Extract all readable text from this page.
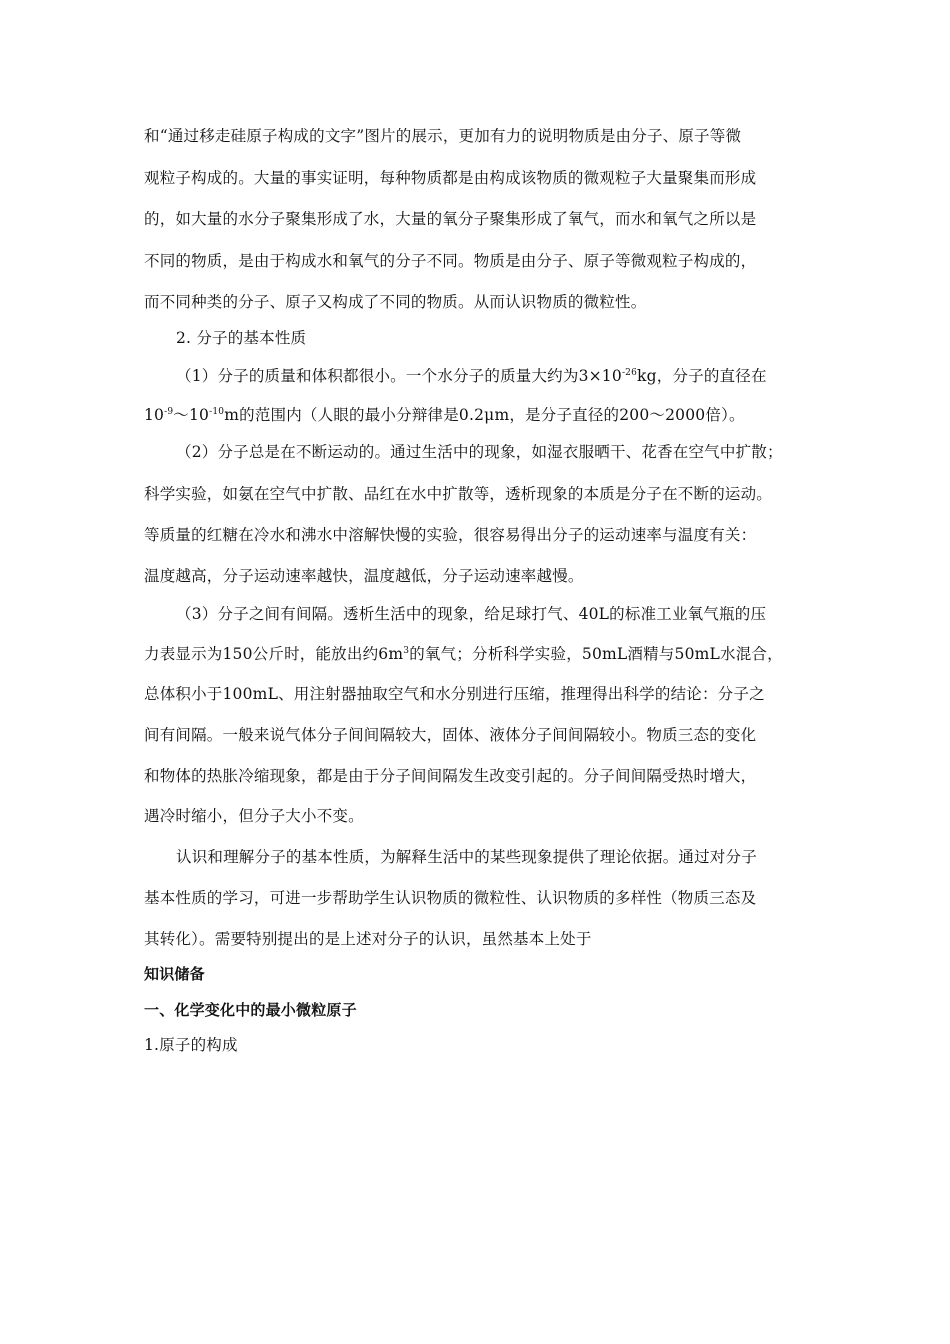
和“通过移走硅原子构成的文字”图片的展示，更加有力的说明物质是由分子、原子等微
观粒子构成的。大量的事实证明，每种物质都是由构成该物质的微观粒子大量聚集而形成
的，如大量的水分子聚集形成了水，大量的氧分子聚集形成了氧气，而水和氧气之所以是
不同的物质，是由于构成水和氧气的分子不同。物质是由分子、原子等微观粒子构成的，
而不同种类的分子、原子又构成了不同的物质。从而认识物质的微粒性。
2. 分子的基本性质
（1）分子的质量和体积都很小。一个水分子的质量大约为$3\times 10^{-26}kg$，分子的直径在
$10^{-9}\sim 10^{-10}m$的范围内（人眼的最小分辩律是0.2μm，是分子直径的200～2000倍）。
（2）分子总是在不断运动的。通过生活中的现象，如湿衣服晒干、花香在空气中扩散；
科学实验，如氨在空气中扩散、品红在水中扩散等，透析现象的本质是分子在不断的运动。
等质量的红糖在冷水和沸水中溶解快慢的实验，很容易得出分子的运动速率与温度有关：
温度越高，分子运动速率越快，温度越低，分子运动速率越慢。
（3）分子之间有间隔。透析生活中的现象，给足球打气、40L的标准工业氧气瓶的压
力表显示为150公斤时，能放出约$6m^3$的氧气；分析科学实验，50mL酒精与50mL水混合，
总体积小于100mL、用注射器抽取空气和水分别进行压缩，推理得出科学的结论：分子之
间有间隔。一般来说气体分子间间隔较大，固体、液体分子间间隔较小。物质三态的变化
和物体的热胀冷缩现象，都是由于分子间间隔发生改变引起的。分子间间隔受热时增大，
遇冷时缩小，但分子大小不变。
认识和理解分子的基本性质，为解释生活中的某些现象提供了理论依据。通过对分子
基本性质的学习，可进一步帮助学生认识物质的微粒性、认识物质的多样性（物质三态及
其转化）。需要特别提出的是上述对分子的认识，虽然基本上处于
知识储备
一、化学变化中的最小微粒原子
1.原子的构成
